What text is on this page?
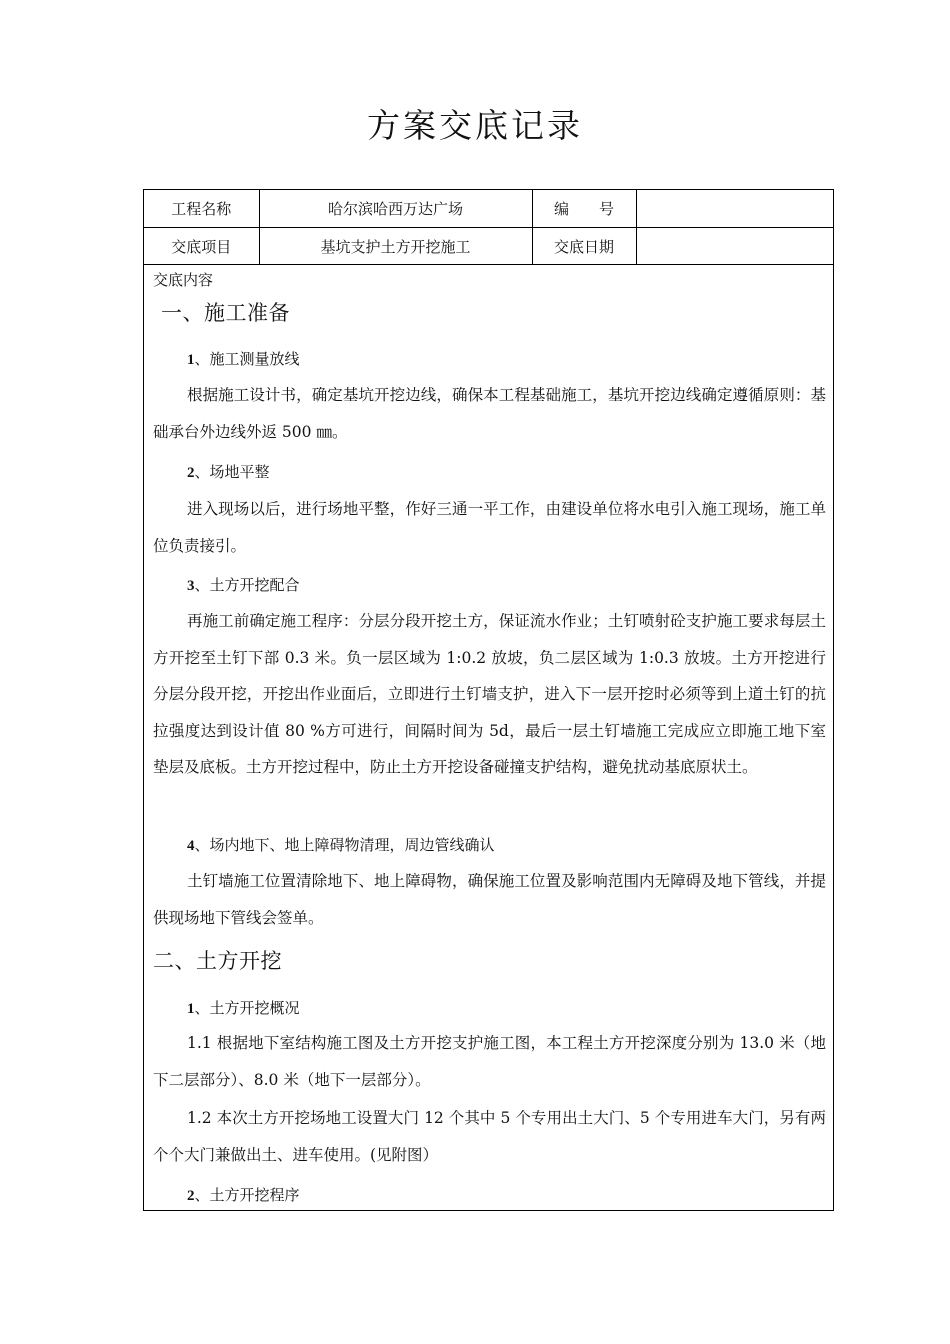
方案交底记录
工程名称	哈尔滨哈西万达广场	编　　号	
交底项目	基坑支护土方开挖施工	交底日期	
交底内容
一、施工准备
1、施工测量放线
根据施工设计书，确定基坑开挖边线，确保本工程基础施工，基坑开挖边线确定遵循原则：基础承台外边线外返 500 ㎜。
2、场地平整
进入现场以后，进行场地平整，作好三通一平工作，由建设单位将水电引入施工现场，施工单位负责接引。
3、土方开挖配合
再施工前确定施工程序：分层分段开挖土方，保证流水作业；土钉喷射砼支护施工要求每层土方开挖至土钉下部 0.3 米。负一层区域为 1:0.2 放坡，负二层区域为 1:0.3 放坡。土方开挖进行分层分段开挖，开挖出作业面后，立即进行土钉墙支护，进入下一层开挖时必须等到上道土钉的抗拉强度达到设计值 80 %方可进行，间隔时间为 5d，最后一层土钉墙施工完成应立即施工地下室垫层及底板。土方开挖过程中，防止土方开挖设备碰撞支护结构，避免扰动基底原状土。
4、场内地下、地上障碍物清理，周边管线确认
土钉墙施工位置清除地下、地上障碍物，确保施工位置及影响范围内无障碍及地下管线，并提供现场地下管线会签单。
二、土方开挖
1、土方开挖概况
1.1 根据地下室结构施工图及土方开挖支护施工图，本工程土方开挖深度分别为 13.0 米（地下二层部分）、8.0 米（地下一层部分）。
1.2 本次土方开挖场地工设置大门 12 个其中 5 个专用出土大门、5 个专用进车大门，另有两个个大门兼做出土、进车使用。(见附图）
2、土方开挖程序
